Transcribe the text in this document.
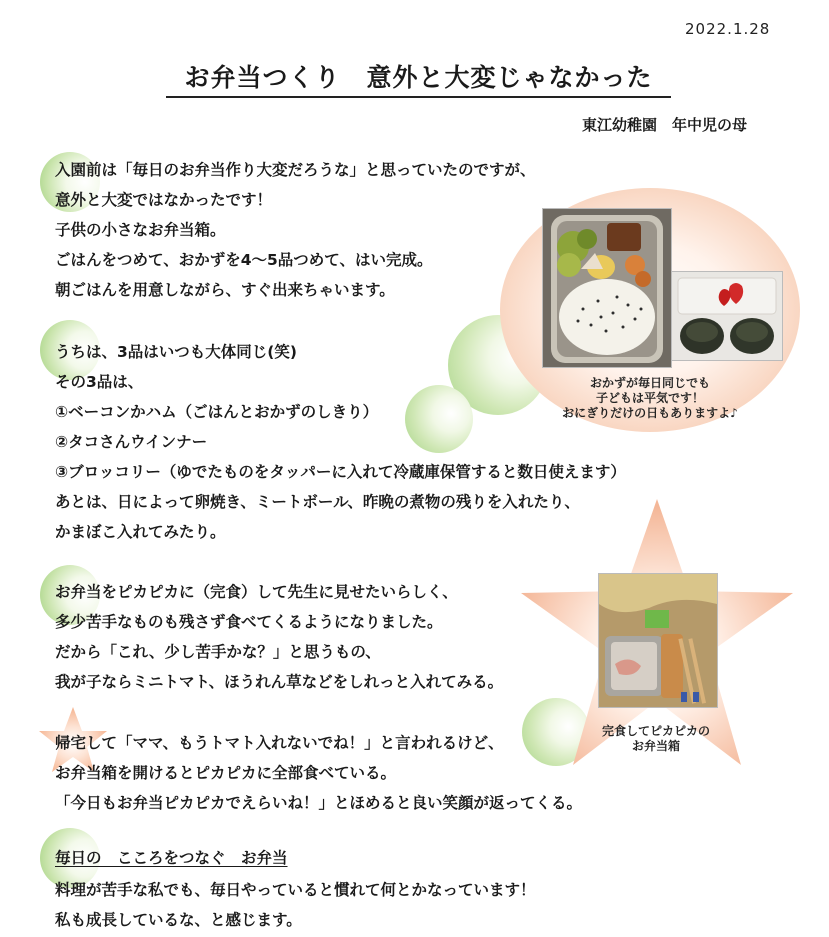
おかずが毎日同じでも
子どもは平気です！
おにぎりだけの日もありますよ♪
完食してピカピカの
お弁当箱
2022.1.28
お弁当つくり　意外と大変じゃなかった
東江幼稚園　年中児の母
入園前は「毎日のお弁当作り大変だろうな」と思っていたのですが、
意外と大変ではなかったです！
子供の小さなお弁当箱。
ごはんをつめて、おかずを4～5品つめて、はい完成。
朝ごはんを用意しながら、すぐ出来ちゃいます。
うちは、3品はいつも大体同じ(笑)
その3品は、
①ベーコンかハム（ごはんとおかずのしきり）
②タコさんウインナー
③ブロッコリー（ゆでたものをタッパーに入れて冷蔵庫保管すると数日使えます）
あとは、日によって卵焼き、ミートボール、昨晩の煮物の残りを入れたり、
かまぼこ入れてみたり。
お弁当をピカピカに（完食）して先生に見せたいらしく、
多少苦手なものも残さず食べてくるようになりました。
だから「これ、少し苦手かな？」と思うもの、
我が子ならミニトマト、ほうれん草などをしれっと入れてみる。
帰宅して「ママ、もうトマト入れないでね！」と言われるけど、
お弁当箱を開けるとピカピカに全部食べている。
「今日もお弁当ピカピカでえらいね！」とほめると良い笑顔が返ってくる。
毎日の　こころをつなぐ　お弁当
料理が苦手な私でも、毎日やっていると慣れて何とかなっています！
私も成長しているな、と感じます。
